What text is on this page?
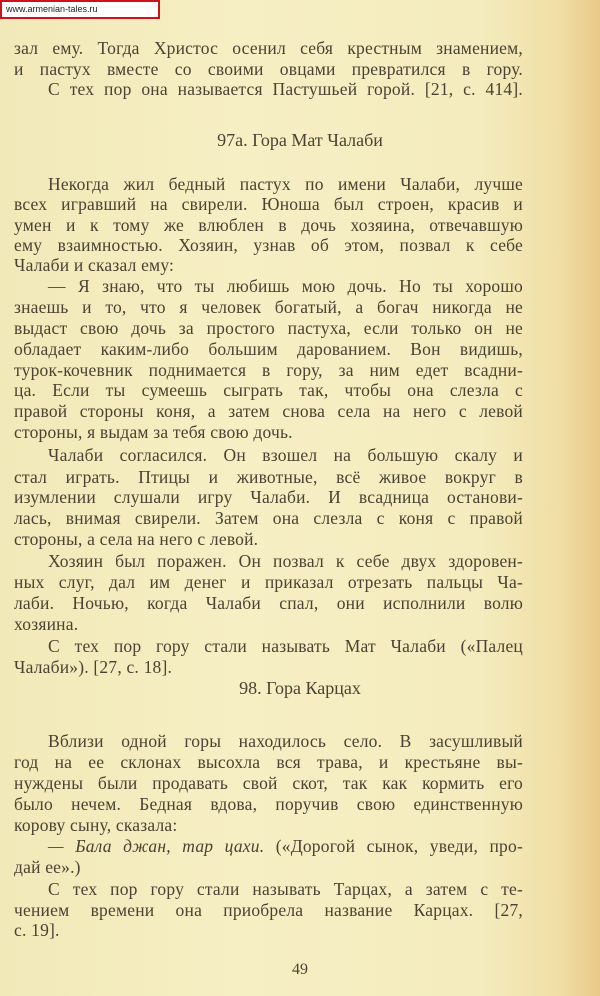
www.armenian-tales.ru
97а. Гора Мат Чалаби
98. Гора Карцах
49
зал ему. Тогда Христос осенил себя крестным знамением,
и пастух вместе со своими овцами превратился в гору.
С тех пор она называется Пастушьей горой. [21, с. 414].
Некогда жил бедный пастух по имени Чалаби, лучше
всех игравший на свирели. Юноша был строен, красив и
умен и к тому же влюблен в дочь хозяина, отвечавшую
ему взаимностью. Хозяин, узнав об этом, позвал к себе
Чалаби и сказал ему:
— Я знаю, что ты любишь мою дочь. Но ты хорошо
знаешь и то, что я человек богатый, а богач никогда не
выдаст свою дочь за простого пастуха, если только он не
обладает каким-либо большим дарованием. Вон видишь,
турок-кочевник поднимается в гору, за ним едет всадни-
ца. Если ты сумеешь сыграть так, чтобы она слезла с
правой стороны коня, а затем снова села на него с левой
стороны, я выдам за тебя свою дочь.
Чалаби согласился. Он взошел на большую скалу и
стал играть. Птицы и животные, всё живое вокруг в
изумлении слушали игру Чалаби. И всадница останови-
лась, внимая свирели. Затем она слезла с коня с правой
стороны, а села на него с левой.
Хозяин был поражен. Он позвал к себе двух здоровен-
ных слуг, дал им денег и приказал отрезать пальцы Ча-
лаби. Ночью, когда Чалаби спал, они исполнили волю
хозяина.
С тех пор гору стали называть Мат Чалаби («Палец
Чалаби»). [27, с. 18].
Вблизи одной горы находилось село. В засушливый
год на ее склонах высохла вся трава, и крестьяне вы-
нуждены были продавать свой скот, так как кормить его
было нечем. Бедная вдова, поручив свою единственную
корову сыну, сказала:
— Бала джан, тар цахи. («Дорогой сынок, уведи, про-
дай ее».)
С тех пор гору стали называть Тарцах, а затем с те-
чением времени она приобрела название Карцах. [27,
с. 19].
